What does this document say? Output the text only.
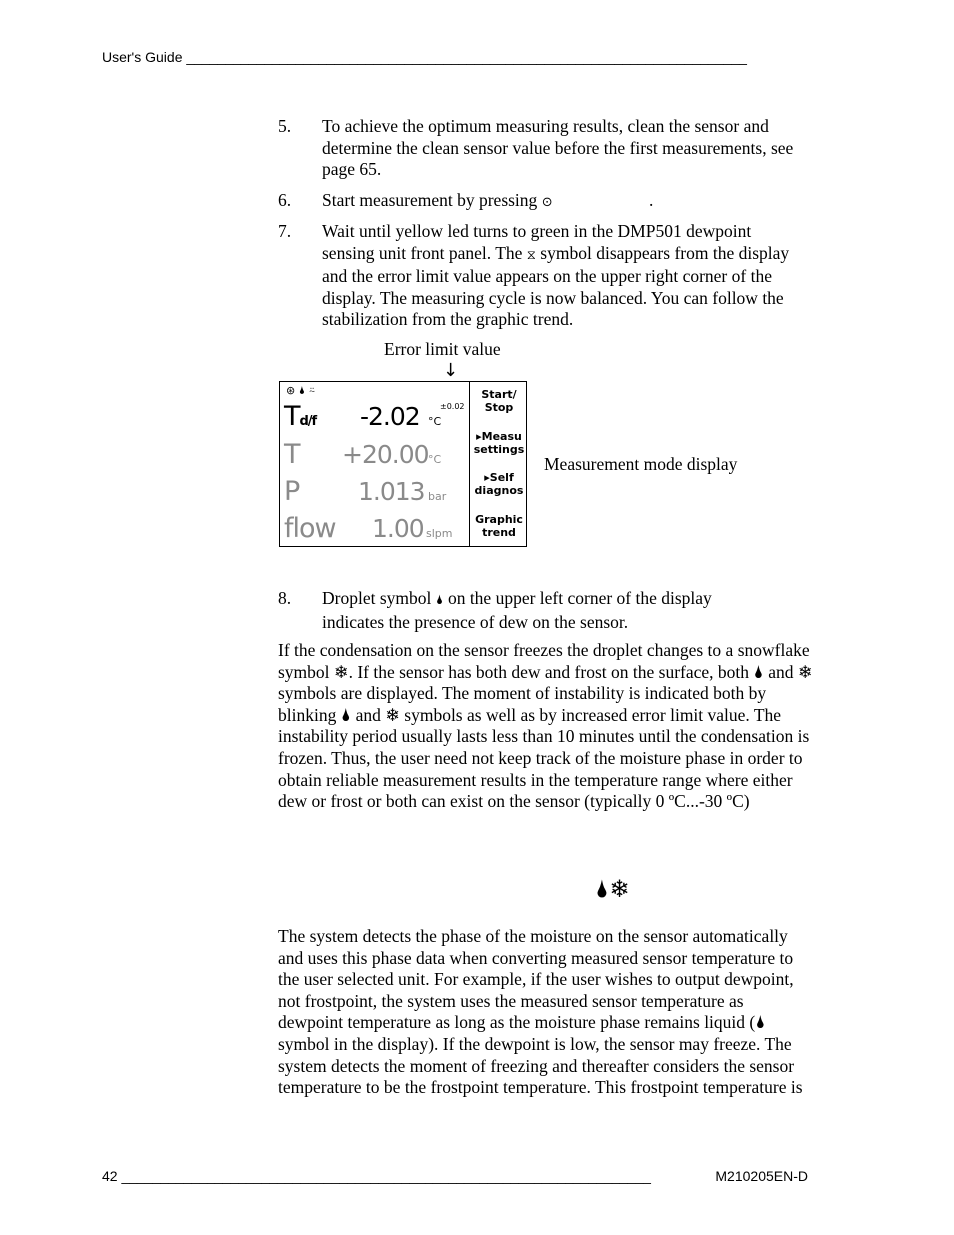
User's Guide ________________________________________________________________________
5. To achieve the optimum measuring results, clean the sensor and determine the clean sensor value before the first measurements, see page 65.
6. Start measurement by pressing ⊙	.
7. Wait until yellow led turns to green in the DMP501 dewpoint sensing unit front panel. The ⧖ symbol disappears from the display and the error limit value appears on the upper right corner of the display. The measuring cycle is now balanced. You can follow the stabilization from the graphic trend.
Error limit value
↓
⊛ 🌢 ⍨
±0.02
Td/f -2.02 °C
T +20.00 °C
P 1.013 bar
flow 1.00 slpm
Start/
Stop
▸Measu
settings
▸Self
diagnos
Graphic
trend
Measurement mode display
8. Droplet symbol 🌢 on the upper left corner of the display indicates the presence of dew on the sensor.
If the condensation on the sensor freezes the droplet changes to a snowflake symbol ❄. If the sensor has both dew and frost on the surface, both 🌢 and ❄ symbols are displayed. The moment of instability is indicated both by blinking 🌢 and ❄ symbols as well as by increased error limit value. The instability period usually lasts less than 10 minutes until the condensation is frozen. Thus, the user need not keep track of the moisture phase in order to obtain reliable measurement results in the temperature range where either dew or frost or both can exist on the sensor (typically 0 ºC...-30 ºC)
🌢❄
The system detects the phase of the moisture on the sensor automatically and uses this phase data when converting measured sensor temperature to the user selected unit. For example, if the user wishes to output dewpoint, not frostpoint, the system uses the measured sensor temperature as dewpoint temperature as long as the moisture phase remains liquid (🌢 symbol in the display). If the dewpoint is low, the sensor may freeze. The system detects the moment of freezing and thereafter considers the sensor temperature to be the frostpoint temperature. This frostpoint temperature is
42 ____________________________________________________________________	M210205EN-D
